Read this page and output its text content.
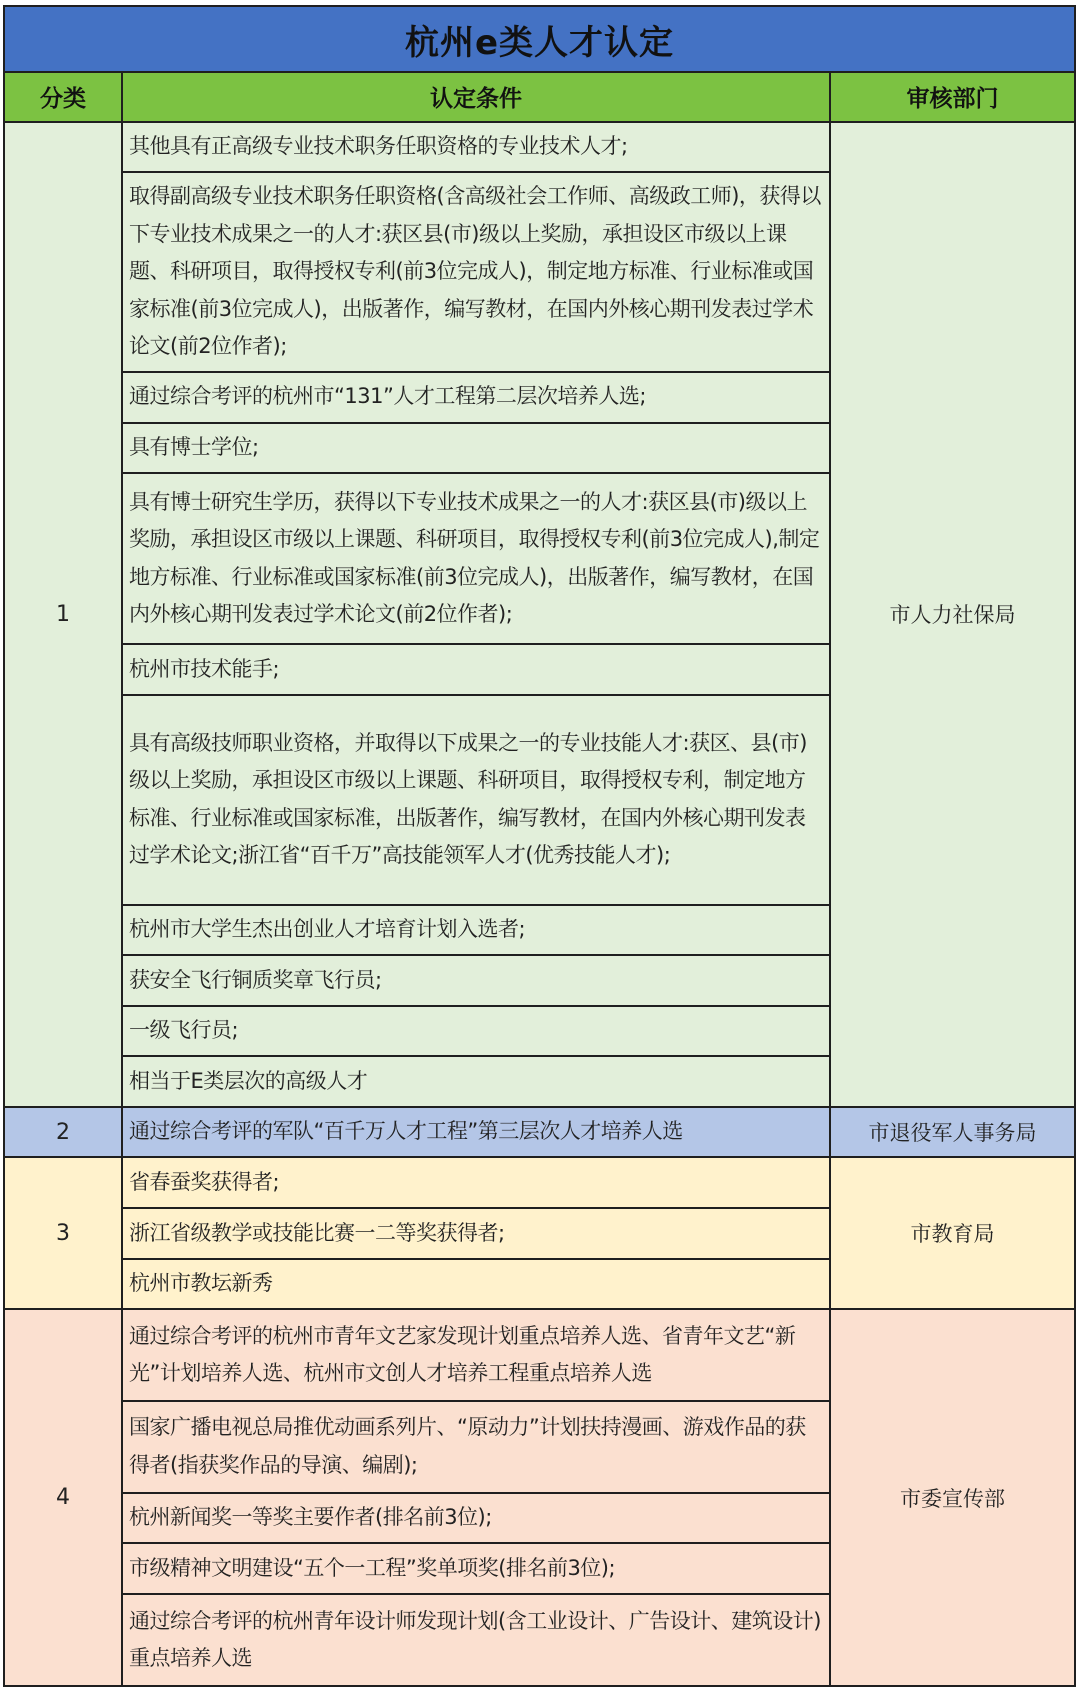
杭州e类人才认定		
分类	认定条件	审核部门
1	其他具有正高级专业技术职务任职资格的专业技术人才;	市人力社保局
	取得副高级专业技术职务任职资格(含高级社会工作师、高级政工师)，获得以下专业技术成果之一的人才:获区县(市)级以上奖励，承担设区市级以上课题、科研项目，取得授权专利(前3位完成人)，制定地方标准、行业标准或国家标准(前3位完成人)，出版著作，编写教材，在国内外核心期刊发表过学术论文(前2位作者);	
	通过综合考评的杭州市“131”人才工程第二层次培养人选;	
	具有博士学位;	
	具有博士研究生学历，获得以下专业技术成果之一的人才:获区县(市)级以上奖励，承担设区市级以上课题、科研项目，取得授权专利(前3位完成人),制定地方标准、行业标准或国家标准(前3位完成人)，出版著作，编写教材，在国内外核心期刊发表过学术论文(前2位作者);	
	杭州市技术能手;	
	具有高级技师职业资格，并取得以下成果之一的专业技能人才:获区、县(市)级以上奖励，承担设区市级以上课题、科研项目，取得授权专利，制定地方标准、行业标准或国家标准，出版著作，编写教材，在国内外核心期刊发表过学术论文;浙江省“百千万”高技能领军人才(优秀技能人才);	
	杭州市大学生杰出创业人才培育计划入选者;	
	获安全飞行铜质奖章飞行员;	
	一级飞行员;	
	相当于E类层次的高级人才	
2	通过综合考评的军队“百千万人才工程”第三层次人才培养人选	市退役军人事务局
3	省春蚕奖获得者;	市教育局
	浙江省级教学或技能比赛一二等奖获得者;	
	杭州市教坛新秀	
4	通过综合考评的杭州市青年文艺家发现计划重点培养人选、省青年文艺“新光”计划培养人选、杭州市文创人才培养工程重点培养人选	市委宣传部
	国家广播电视总局推优动画系列片、“原动力”计划扶持漫画、游戏作品的获得者(指获奖作品的导演、编剧);	
	杭州新闻奖一等奖主要作者(排名前3位);	
	市级精神文明建设“五个一工程”奖单项奖(排名前3位);	
	通过综合考评的杭州青年设计师发现计划(含工业设计、广告设计、建筑设计)重点培养人选	
